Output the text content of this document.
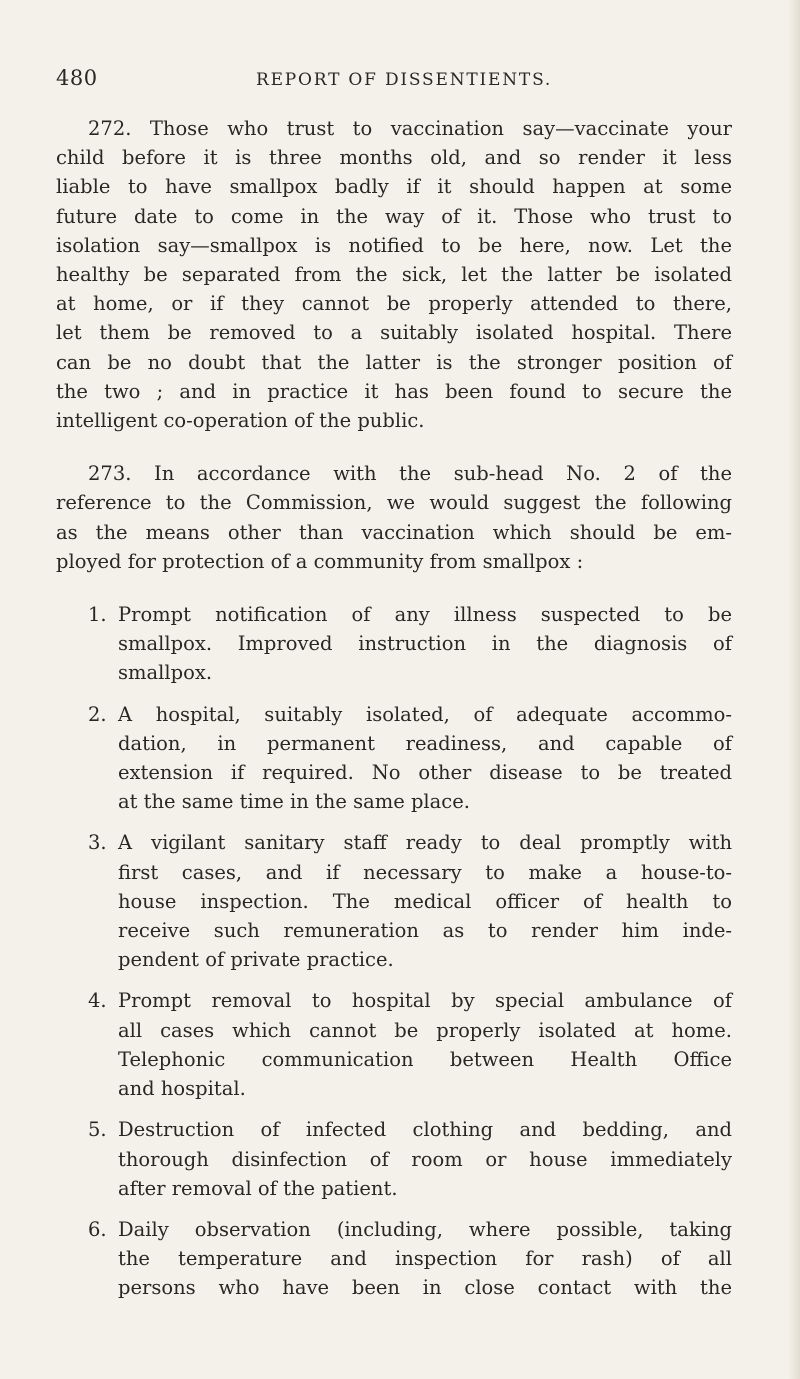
480	REPORT OF DISSENTIENTS.

272. Those who trust to vaccination say—vaccinate your
child before it is three months old, and so render it less
liable to have smallpox badly if it should happen at some
future date to come in the way of it. Those who trust to
isolation say—smallpox is notified to be here, now. Let the
healthy be separated from the sick, let the latter be isolated
at home, or if they cannot be properly attended to there,
let them be removed to a suitably isolated hospital. There
can be no doubt that the latter is the stronger position of
the two ; and in practice it has been found to secure the
intelligent co-operation of the public.

273. In accordance with the sub-head No. 2 of the
reference to the Commission, we would suggest the following
as the means other than vaccination which should be em-
ployed for protection of a community from smallpox :

1. Prompt notification of any illness suspected to be
smallpox. Improved instruction in the diagnosis of
smallpox.
2. A hospital, suitably isolated, of adequate accommo-
dation, in permanent readiness, and capable of
extension if required. No other disease to be treated
at the same time in the same place.
3. A vigilant sanitary staff ready to deal promptly with
first cases, and if necessary to make a house-to-
house inspection. The medical officer of health to
receive such remuneration as to render him inde-
pendent of private practice.
4. Prompt removal to hospital by special ambulance of
all cases which cannot be properly isolated at home.
Telephonic communication between Health Office
and hospital.
5. Destruction of infected clothing and bedding, and
thorough disinfection of room or house immediately
after removal of the patient.
6. Daily observation (including, where possible, taking
the temperature and inspection for rash) of all
persons who have been in close contact with the
